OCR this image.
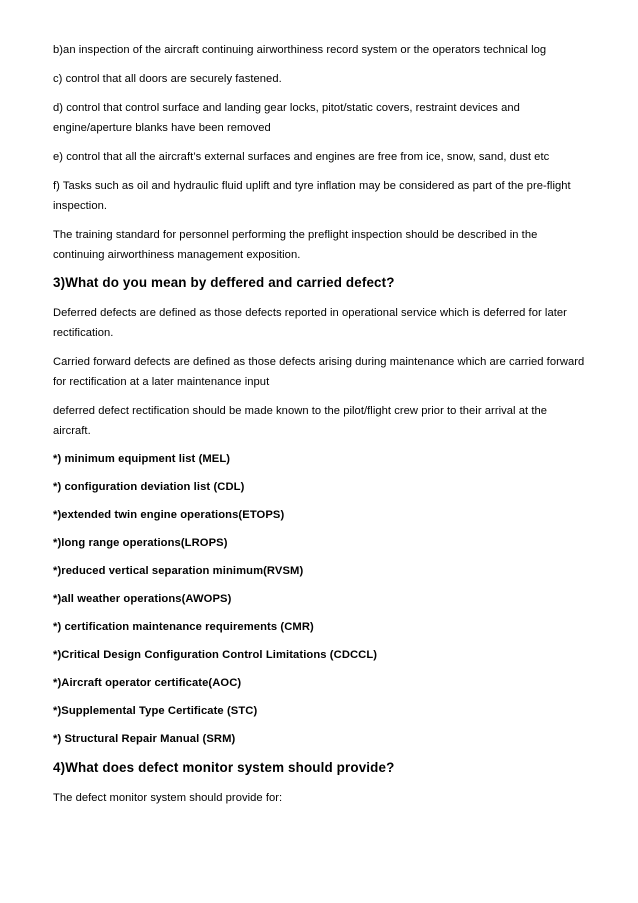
b)an inspection of the aircraft continuing airworthiness record system or the operators technical log

c) control that all doors are securely fastened.

d) control that control surface and landing gear locks, pitot/static covers, restraint devices and engine/aperture blanks have been removed

e) control that all the aircraft’s external surfaces and engines are free from ice, snow, sand, dust etc

f) Tasks such as oil and hydraulic fluid uplift and tyre inflation may be considered as part of the pre-flight inspection.

The training standard for personnel performing the preflight inspection should be described in the continuing airworthiness management exposition.

3)What do you mean by deffered and carried defect?

Deferred defects are defined as those defects reported in operational service which is deferred for later rectification.

Carried forward defects are defined as those defects arising during maintenance which are carried forward for rectification at a later maintenance input

deferred defect rectification should be made known to the pilot/flight crew prior to their arrival at the aircraft.

*) minimum equipment list (MEL)

*) configuration deviation list (CDL)

*)extended twin engine operations(ETOPS)

*)long range operations(LROPS)

*)reduced vertical separation minimum(RVSM)

*)all weather operations(AWOPS)

*) certification maintenance requirements (CMR)

*)Critical Design Configuration Control Limitations (CDCCL)

*)Aircraft operator certificate(AOC)

*)Supplemental Type Certificate (STC)

*) Structural Repair Manual (SRM)

4)What does defect monitor system should provide?

The defect monitor system should provide for:
